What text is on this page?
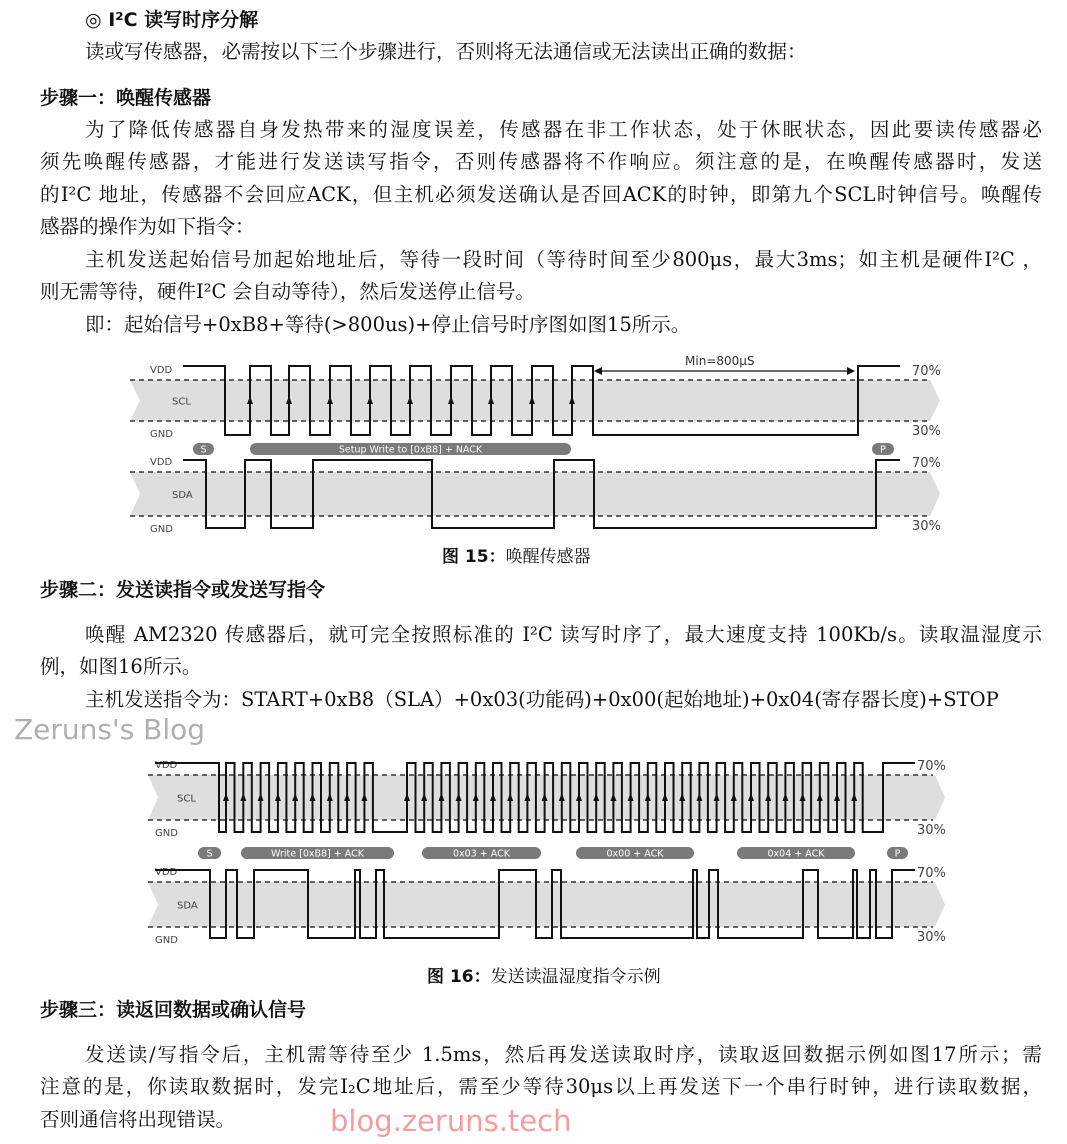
◎ I²C 读写时序分解
读或写传感器，必需按以下三个步骤进行，否则将无法通信或无法读出正确的数据：
步骤一：唤醒传感器
为了降低传感器自身发热带来的湿度误差，传感器在非工作状态，处于休眠状态，因此要读传感器必
须先唤醒传感器，才能进行发送读写指令，否则传感器将不作响应。须注意的是，在唤醒传感器时，发送
的I²C 地址，传感器不会回应ACK，但主机必须发送确认是否回ACK的时钟，即第九个SCL时钟信号。唤醒传
感器的操作为如下指令：
主机发送起始信号加起始地址后，等待一段时间（等待时间至少800μs，最大3ms；如主机是硬件I²C ，
则无需等待，硬件I²C 会自动等待），然后发送停止信号。
即：起始信号+0xB8+等待(>800us)+停止信号时序图如图15所示。
图 15：唤醒传感器
步骤二：发送读指令或发送写指令
唤醒 AM2320 传感器后，就可完全按照标准的 I²C 读写时序了，最大速度支持 100Kb/s。读取温湿度示
例，如图16所示。
主机发送指令为：START+0xB8（SLA）+0x03(功能码)+0x00(起始地址)+0x04(寄存器长度)+STOP
图 16：发送读温湿度指令示例
步骤三：读返回数据或确认信号
发送读/写指令后，主机需等待至少 1.5ms，然后再发送读取时序，读取返回数据示例如图17所示；需
注意的是，你读取数据时，发完I₂C地址后，需至少等待30μs以上再发送下一个串行时钟，进行读取数据，
否则通信将出现错误。
SCL
VDD
GND
70%
30%
SDA
VDD
GND
70%
30%
Min=800μS
S	Setup Write to [0xB8] + NACK	P
SCL
VDD
GND
70%
30%
SDA
VDD
GND
70%
30%
S	Write [0xB8] + ACK	0x03 + ACK	0x00 + ACK	0x04 + ACK	P
Zeruns's Blog
blog.zeruns.tech
